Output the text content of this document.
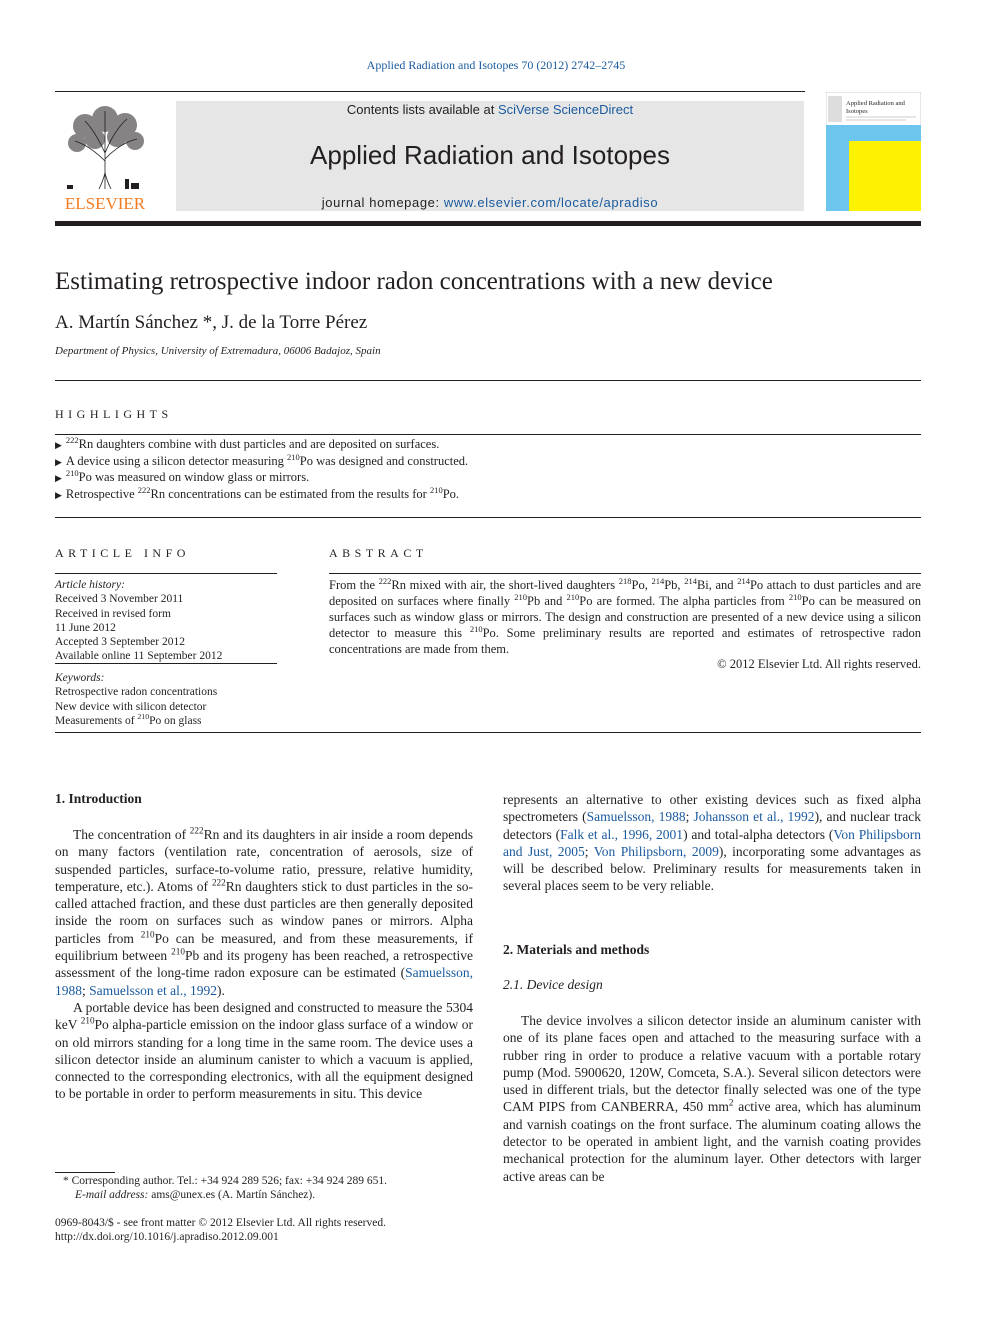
Applied Radiation and Isotopes 70 (2012) 2742–2745
ELSEVIER
Contents lists available at SciVerse ScienceDirect
Applied Radiation and Isotopes
journal homepage: www.elsevier.com/locate/apradiso
Applied Radiation and
Isotopes
Estimating retrospective indoor radon concentrations with a new device
A. Martín Sánchez *, J. de la Torre Pérez
Department of Physics, University of Extremadura, 06006 Badajoz, Spain
HIGHLIGHTS
▶$^{222}$Rn daughters combine with dust particles and are deposited on surfaces.
▶ A device using a silicon detector measuring $^{210}$Po was designed and constructed.
▶$^{210}$Po was measured on window glass or mirrors.
▶ Retrospective $^{222}$Rn concentrations can be estimated from the results for $^{210}$Po.
ARTICLE INFO
Article history:
Received 3 November 2011
Received in revised form
11 June 2012
Accepted 3 September 2012
Available online 11 September 2012
Keywords:
Retrospective radon concentrations
New device with silicon detector
Measurements of $^{210}$Po on glass
ABSTRACT
From the $^{222}$Rn mixed with air, the short-lived daughters $^{218}$Po, $^{214}$Pb, $^{214}$Bi, and $^{214}$Po attach to dust particles and are deposited on surfaces where finally $^{210}$Pb and $^{210}$Po are formed. The alpha particles from $^{210}$Po can be measured on surfaces such as window glass or mirrors. The design and construction are presented of a new device using a silicon detector to measure this $^{210}$Po. Some preliminary results are reported and estimates of retrospective radon concentrations are made from them.
© 2012 Elsevier Ltd. All rights reserved.
1. Introduction

The concentration of $^{222}$Rn and its daughters in air inside a room depends on many factors (ventilation rate, concentration of aerosols, size of suspended particles, surface-to-volume ratio, pressure, relative humidity, temperature, etc.). Atoms of $^{222}$Rn daughters stick to dust particles in the so-called attached fraction, and these dust particles are then generally deposited inside the room on surfaces such as window panes or mirrors. Alpha particles from $^{210}$Po can be measured, and from these measurements, if equilibrium between $^{210}$Pb and its progeny has been reached, a retrospective assessment of the long-time radon exposure can be estimated (Samuelsson, 1988; Samuelsson et al., 1992).

A portable device has been designed and constructed to measure the 5304 keV $^{210}$Po alpha-particle emission on the indoor glass surface of a window or on old mirrors standing for a long time in the same room. The device uses a silicon detector inside an aluminum canister to which a vacuum is applied, connected to the corresponding electronics, with all the equipment designed to be portable in order to perform measurements in situ. This device

represents an alternative to other existing devices such as fixed alpha spectrometers (Samuelsson, 1988; Johansson et al., 1992), and nuclear track detectors (Falk et al., 1996, 2001) and total-alpha detectors (Von Philipsborn and Just, 2005; Von Philipsborn, 2009), incorporating some advantages as will be described below. Preliminary results for measurements taken in several places seem to be very reliable.

2. Materials and methods
2.1. Device design

The device involves a silicon detector inside an aluminum canister with one of its plane faces open and attached to the measuring surface with a rubber ring in order to produce a relative vacuum with a portable rotary pump (Mod. 5900620, 120W, Comceta, S.A.). Several silicon detectors were used in different trials, but the detector finally selected was one of the type CAM PIPS from CANBERRA, 450 $mm^2$ active area, which has aluminum and varnish coatings on the front surface. The aluminum coating allows the detector to be operated in ambient light, and the varnish coating provides mechanical protection for the aluminum layer. Other detectors with larger active areas can be

* Corresponding author. Tel.: +34 924 289 526; fax: +34 924 289 651.
E-mail address: ams@unex.es (A. Martín Sánchez).
0969-8043/$ - see front matter © 2012 Elsevier Ltd. All rights reserved.
http://dx.doi.org/10.1016/j.apradiso.2012.09.001
